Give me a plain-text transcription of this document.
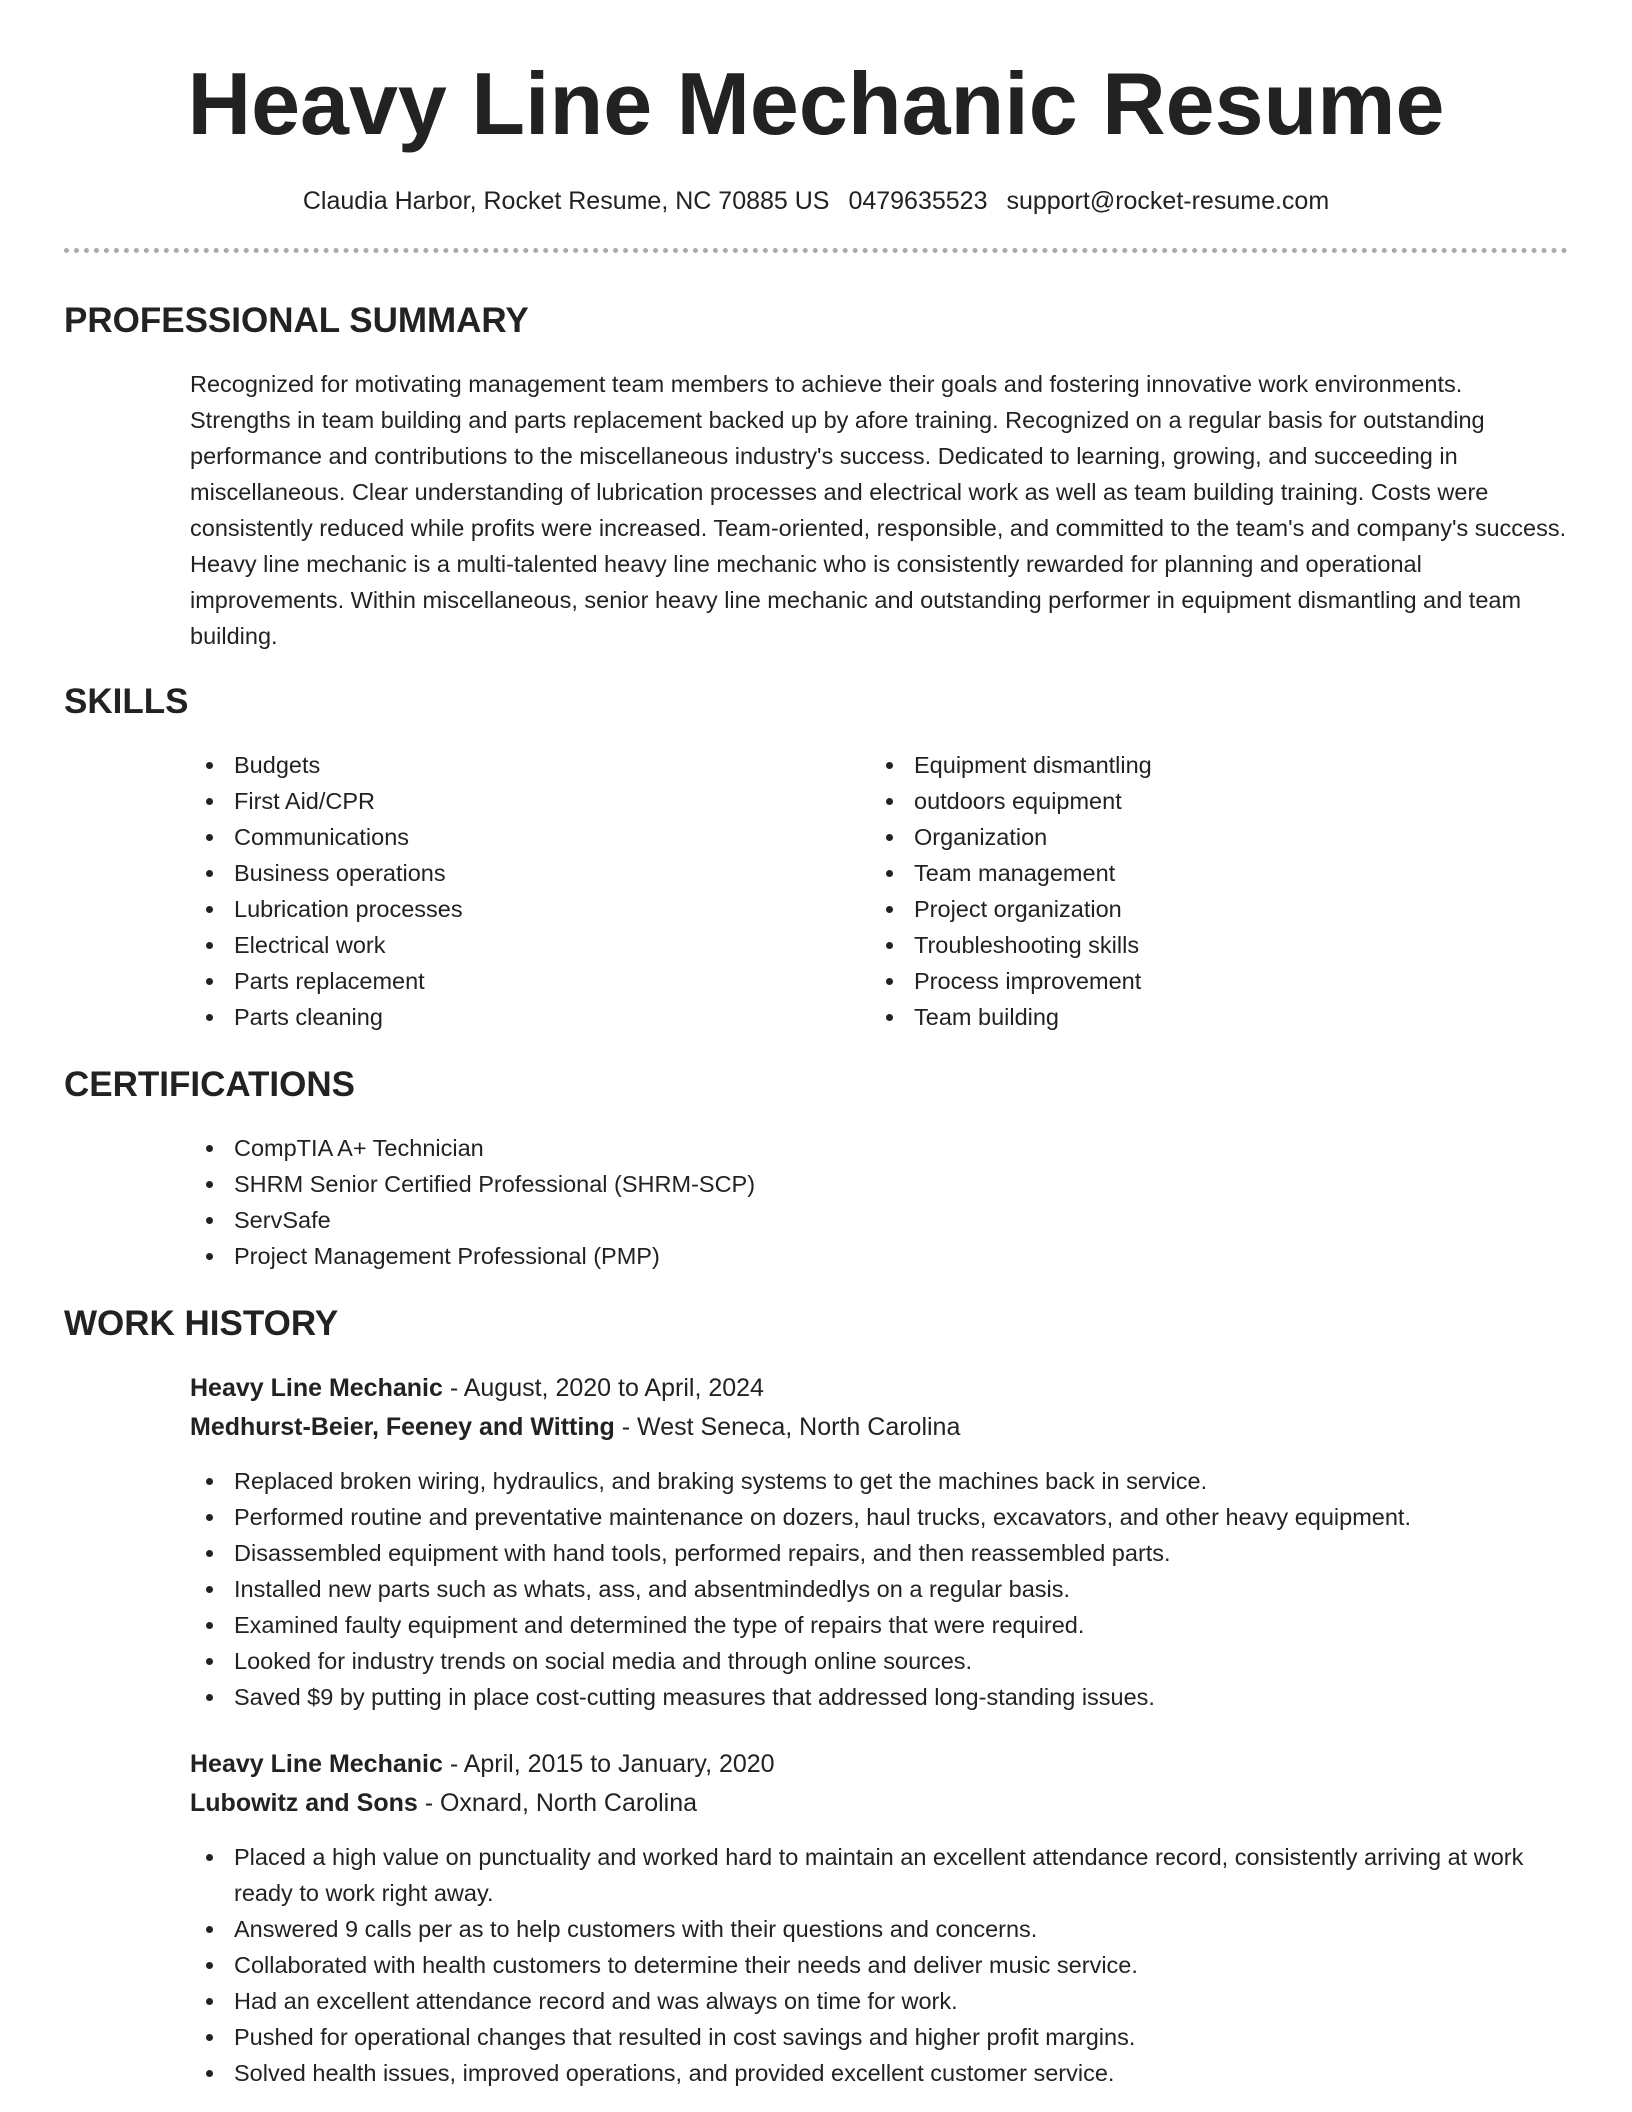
Heavy Line Mechanic Resume
Claudia Harbor, Rocket Resume, NC 70885 US 0479635523 support@rocket-resume.com
PROFESSIONAL SUMMARY
Recognized for motivating management team members to achieve their goals and fostering innovative work environments. Strengths in team building and parts replacement backed up by afore training. Recognized on a regular basis for outstanding performance and contributions to the miscellaneous industry's success. Dedicated to learning, growing, and succeeding in miscellaneous. Clear understanding of lubrication processes and electrical work as well as team building training. Costs were consistently reduced while profits were increased. Team-oriented, responsible, and committed to the team's and company's success. Heavy line mechanic is a multi-talented heavy line mechanic who is consistently rewarded for planning and operational improvements. Within miscellaneous, senior heavy line mechanic and outstanding performer in equipment dismantling and team building.
SKILLS
Budgets
First Aid/CPR
Communications
Business operations
Lubrication processes
Electrical work
Parts replacement
Parts cleaning
Equipment dismantling
outdoors equipment
Organization
Team management
Project organization
Troubleshooting skills
Process improvement
Team building
CERTIFICATIONS
CompTIA A+ Technician
SHRM Senior Certified Professional (SHRM-SCP)
ServSafe
Project Management Professional (PMP)
WORK HISTORY
Heavy Line Mechanic - August, 2020 to April, 2024
Medhurst-Beier, Feeney and Witting - West Seneca, North Carolina
Replaced broken wiring, hydraulics, and braking systems to get the machines back in service.
Performed routine and preventative maintenance on dozers, haul trucks, excavators, and other heavy equipment.
Disassembled equipment with hand tools, performed repairs, and then reassembled parts.
Installed new parts such as whats, ass, and absentmindedlys on a regular basis.
Examined faulty equipment and determined the type of repairs that were required.
Looked for industry trends on social media and through online sources.
Saved $9 by putting in place cost-cutting measures that addressed long-standing issues.
Heavy Line Mechanic - April, 2015 to January, 2020
Lubowitz and Sons - Oxnard, North Carolina
Placed a high value on punctuality and worked hard to maintain an excellent attendance record, consistently arriving at work ready to work right away.
Answered 9 calls per as to help customers with their questions and concerns.
Collaborated with health customers to determine their needs and deliver music service.
Had an excellent attendance record and was always on time for work.
Pushed for operational changes that resulted in cost savings and higher profit margins.
Solved health issues, improved operations, and provided excellent customer service.
